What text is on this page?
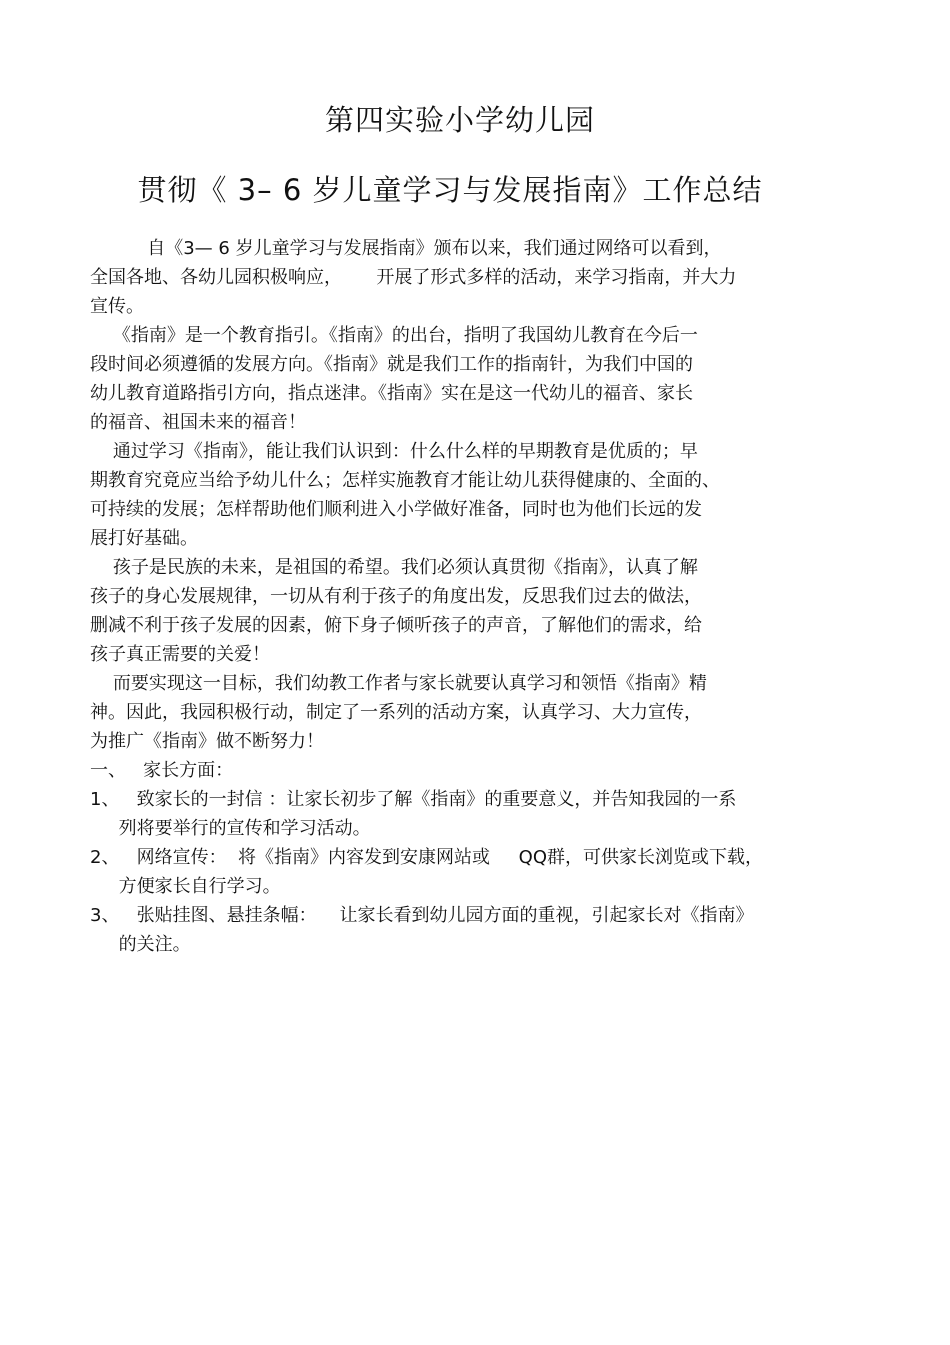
第四实验小学幼儿园
贯彻《 3– 6 岁儿童学习与发展指南》工作总结
自《3— 6 岁儿童学习与发展指南》颁布以来，我们通过网络可以看到，
全国各地、各幼儿园积极响应，      开展了形式多样的活动，来学习指南，并大力
宣传。
《指南》是一个教育指引。《指南》的出台，指明了我国幼儿教育在今后一
段时间必须遵循的发展方向。《指南》就是我们工作的指南针，为我们中国的
幼儿教育道路指引方向，指点迷津。《指南》实在是这一代幼儿的福音、家长
的福音、祖国未来的福音！
通过学习《指南》，能让我们认识到：什么什么样的早期教育是优质的；早
期教育究竟应当给予幼儿什么；怎样实施教育才能让幼儿获得健康的、全面的、
可持续的发展；怎样帮助他们顺利进入小学做好准备，同时也为他们长远的发
展打好基础。
孩子是民族的未来，是祖国的希望。我们必须认真贯彻《指南》，认真了解
孩子的身心发展规律，一切从有利于孩子的角度出发，反思我们过去的做法，
删减不利于孩子发展的因素，俯下身子倾听孩子的声音，了解他们的需求，给
孩子真正需要的关爱！
而要实现这一目标，我们幼教工作者与家长就要认真学习和领悟《指南》精
神。因此，我园积极行动，制定了一系列的活动方案，认真学习、大力宣传，
为推广《指南》做不断努力！
一、   家长方面：
1、   致家长的一封信 ：让家长初步了解《指南》的重要意义，并告知我园的一系
列将要举行的宣传和学习活动。
2、   网络宣传：  将《指南》内容发到安康网站或     QQ群，可供家长浏览或下载，
方便家长自行学习。
3、   张贴挂图、悬挂条幅：    让家长看到幼儿园方面的重视，引起家长对《指南》
的关注。
